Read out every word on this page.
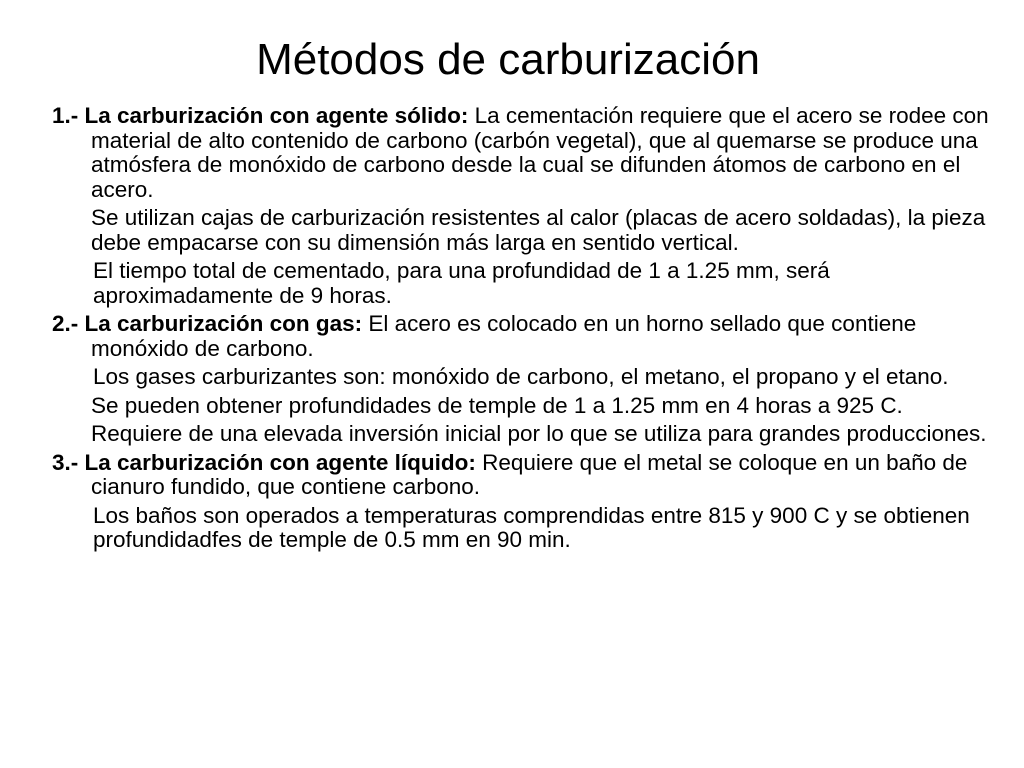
Métodos de carburización

1.- La carburización con agente sólido: La cementación requiere que el acero se rodee con material de alto contenido de carbono (carbón vegetal), que al quemarse se produce una atmósfera de monóxido de carbono desde la cual se difunden átomos de carbono en el acero.

Se utilizan cajas de carburización resistentes al calor (placas de acero soldadas), la pieza debe empacarse con su dimensión más larga en sentido vertical.

El tiempo total de cementado, para una profundidad de 1 a 1.25 mm, será aproximadamente de 9 horas.

2.- La carburización con gas: El acero es colocado en un horno sellado que contiene monóxido de carbono.

Los gases carburizantes son: monóxido de carbono, el metano, el propano y el etano.

Se pueden obtener profundidades de temple de 1 a 1.25 mm en 4 horas a 925 C.

Requiere de una elevada inversión inicial por lo que se utiliza para grandes producciones.

3.- La carburización con agente líquido: Requiere que el metal se coloque en un baño de cianuro fundido, que contiene carbono.

Los baños son operados a temperaturas comprendidas entre 815 y 900 C y se obtienen profundidadfes de temple de 0.5 mm en 90 min.
